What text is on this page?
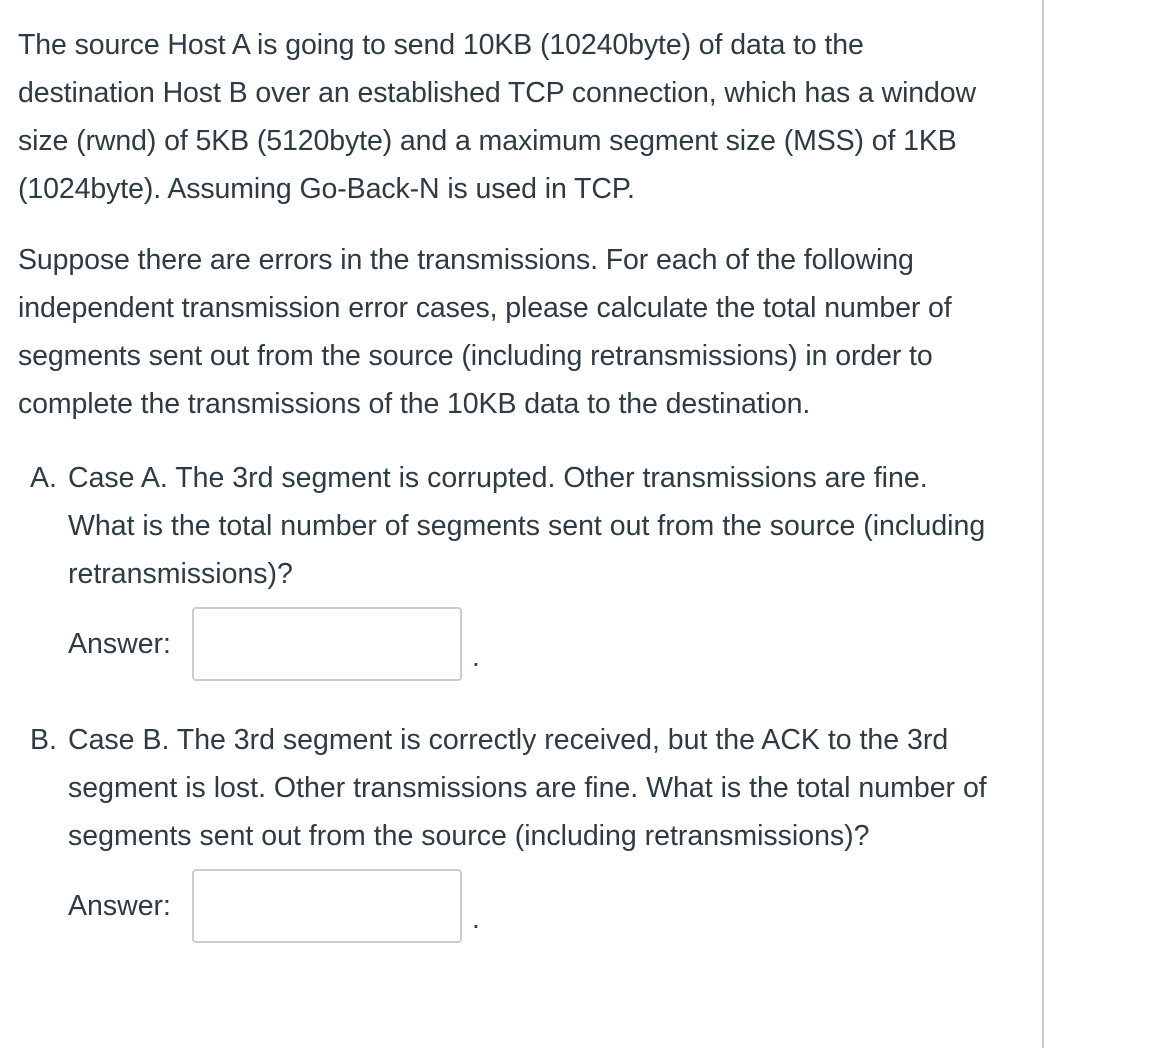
The source Host A is going to send 10KB (10240byte) of data to the destination Host B over an established TCP connection, which has a window size (rwnd) of 5KB (5120byte) and a maximum segment size (MSS) of 1KB (1024byte). Assuming Go-Back-N is used in TCP.

Suppose there are errors in the transmissions. For each of the following independent transmission error cases, please calculate the total number of segments sent out from the source (including retransmissions) in order to complete the transmissions of the 10KB data to the destination.

A. Case A. The 3rd segment is corrupted. Other transmissions are fine. What is the total number of segments sent out from the source (including retransmissions)?

Answer:	.
B. Case B. The 3rd segment is correctly received, but the ACK to the 3rd segment is lost. Other transmissions are fine. What is the total number of segments sent out from the source (including retransmissions)?

Answer:	.
